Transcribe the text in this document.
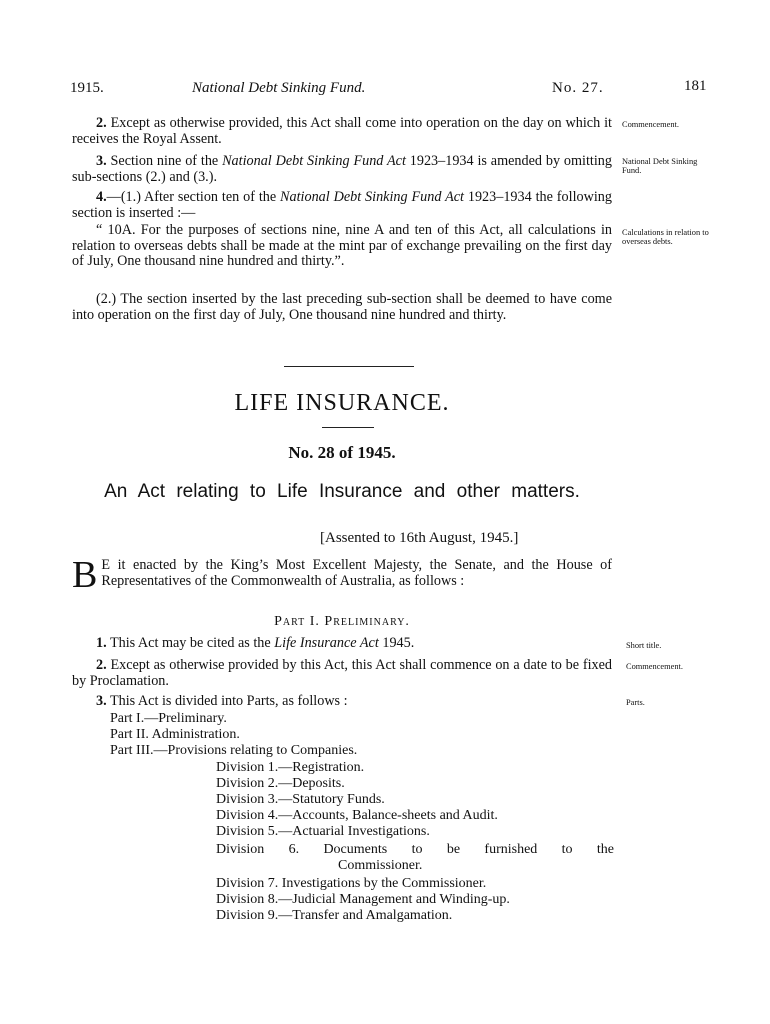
1915.	National Debt Sinking Fund.	No. 27.	181
2. Except as otherwise provided, this Act shall come into operation on the day on which it receives the Royal Assent.
Commencement.
3. Section nine of the National Debt Sinking Fund Act 1923–1934 is amended by omitting sub-sections (2.) and (3.).
National Debt Sinking Fund.
4.—(1.) After section ten of the National Debt Sinking Fund Act 1923–1934 the following section is inserted :—
“ 10A. For the purposes of sections nine, nine A and ten of this Act, all calculations in relation to overseas debts shall be made at the mint par of exchange prevailing on the first day of July, One thousand nine hundred and thirty.”.
Calculations in relation to overseas debts.
(2.) The section inserted by the last preceding sub-section shall be deemed to have come into operation on the first day of July, One thousand nine hundred and thirty.
LIFE INSURANCE.
No. 28 of 1945.
An Act relating to Life Insurance and other matters.
[Assented to 16th August, 1945.]
B E it enacted by the King’s Most Excellent Majesty, the Senate, and the House of Representatives of the Commonwealth of Australia, as follows :
Part I. Preliminary.
1. This Act may be cited as the Life Insurance Act 1945.	Short title.
2. Except as otherwise provided by this Act, this Act shall commence on a date to be fixed by Proclamation.
Commencement.
3. This Act is divided into Parts, as follows :	Parts.
Part I.—Preliminary.
Part II. Administration.
Part III.—Provisions relating to Companies.
Division 1.—Registration.
Division 2.—Deposits.
Division 3.—Statutory Funds.
Division 4.—Accounts, Balance-sheets and Audit.
Division 5.—Actuarial Investigations.
Division 6. Documents to be furnished to the
Commissioner.
Division 7. Investigations by the Commissioner.
Division 8.—Judicial Management and Winding-up.
Division 9.—Transfer and Amalgamation.
